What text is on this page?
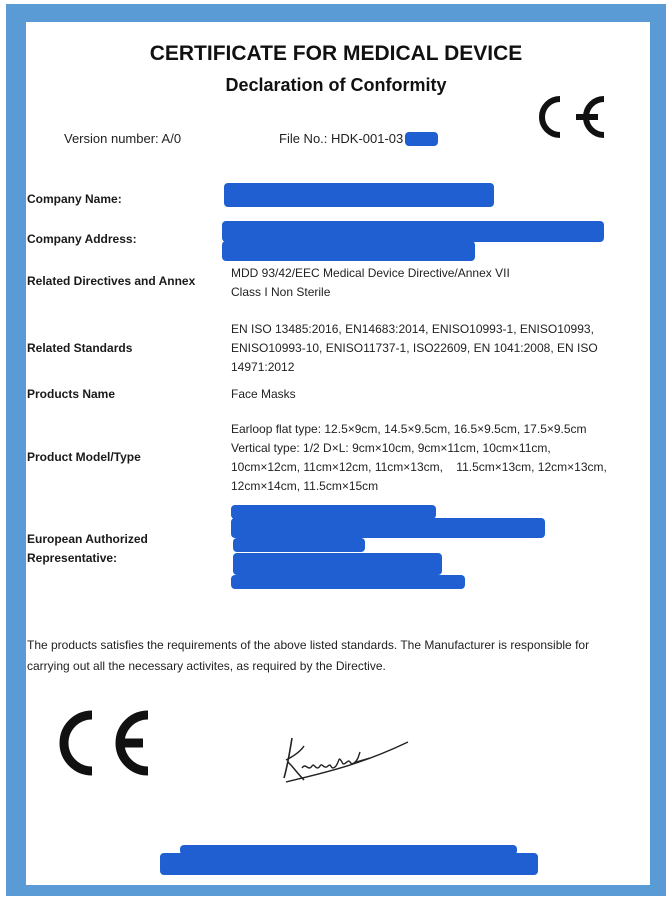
CERTIFICATE FOR MEDICAL DEVICE
Declaration of Conformity
Version number: A/0	File No.: HDK-001-03
Company Name:
Company Address:
Related Directives and Annex
MDD 93/42/EEC Medical Device Directive/Annex VII
Class I Non Sterile
Related Standards
EN ISO 13485:2016, EN14683:2014, ENISO10993-1, ENISO10993,
ENISO10993-10, ENISO11737-1, ISO22609, EN 1041:2008, EN ISO
14971:2012
Products Name	Face Masks
Product Model/Type
Earloop flat type: 12.5×9cm, 14.5×9.5cm, 16.5×9.5cm, 17.5×9.5cm
Vertical type: 1/2 D×L: 9cm×10cm, 9cm×11cm, 10cm×11cm,
10cm×12cm, 11cm×12cm, 11cm×13cm,    11.5cm×13cm, 12cm×13cm,
12cm×14cm, 11.5cm×15cm
European Authorized
Representative:
The products satisfies the requirements of the above listed standards. The Manufacturer is responsible for
carrying out all the necessary activites, as required by the Directive.
